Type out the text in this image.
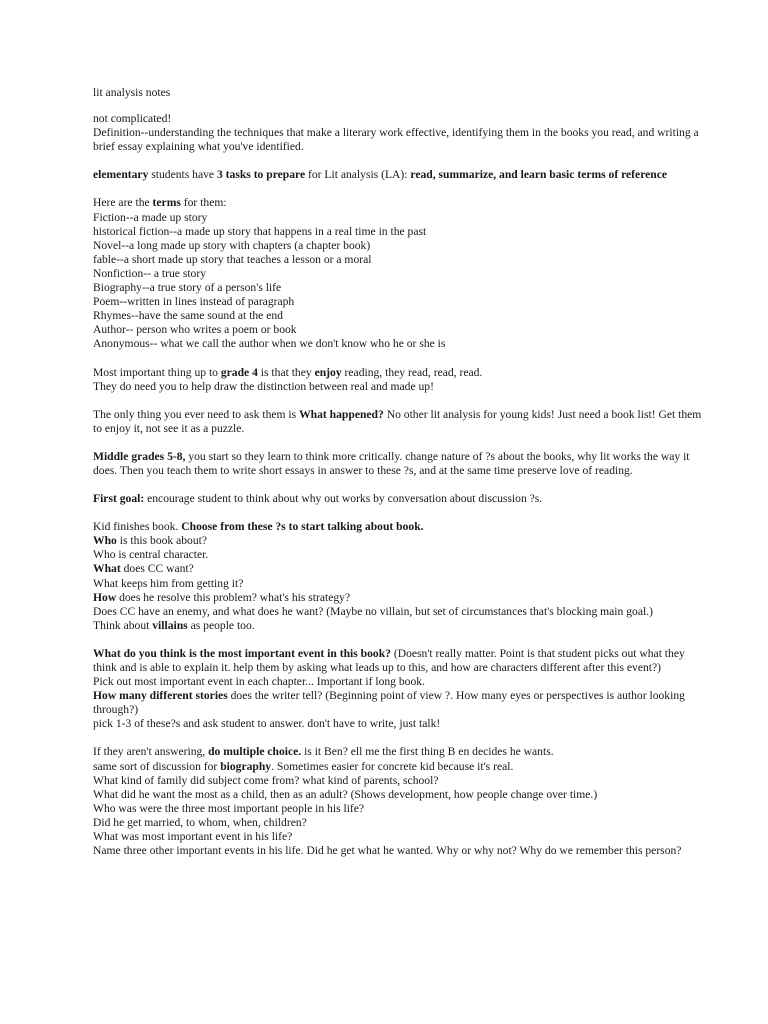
lit analysis notes

not complicated!

Definition--understanding the techniques that make a literary work effective, identifying them in the books you read, and writing a brief essay explaining what you've identified.

elementary students have 3 tasks to prepare for Lit analysis (LA): read, summarize, and learn basic terms of reference

Here are the terms for them:

Fiction--a made up story

historical fiction--a made up story that happens in a real time in the past

Novel--a long made up story with chapters (a chapter book)

fable--a short made up story that teaches a lesson or a moral

Nonfiction-- a true story

Biography--a true story of a person's life

Poem--written in lines instead of paragraph

Rhymes--have the same sound at the end

Author-- person who writes a poem or book

Anonymous-- what we call the author when we don't know who he or she is

Most important thing up to grade 4 is that they enjoy reading, they read, read, read.

They do need you to help draw the distinction between real and made up!

The only thing you ever need to ask them is What happened? No other lit analysis for young kids! Just need a book list! Get them to enjoy it, not see it as a puzzle.

Middle grades 5-8, you start so they learn to think more critically. change nature of ?s about the books, why lit works the way it does. Then you teach them to write short essays in answer to these ?s, and at the same time preserve love of reading.

First goal: encourage student to think about why out works by conversation about discussion ?s.

Kid finishes book. Choose from these ?s to start talking about book.

Who is this book about?

Who is central character.

What does CC want?

What keeps him from getting it?

How does he resolve this problem? what's his strategy?

Does CC have an enemy, and what does he want? (Maybe no villain, but set of circumstances that's blocking main goal.)

Think about villains as people too.

What do you think is the most important event in this book? (Doesn't really matter. Point is that student picks out what they think and is able to explain it. help them by asking what leads up to this, and how are characters different after this event?)

Pick out most important event in each chapter... Important if long book.

How many different stories does the writer tell? (Beginning point of view ?. How many eyes or perspectives is author looking through?)

pick 1-3 of these?s and ask student to answer. don't have to write, just talk!

If they aren't answering, do multiple choice. is it Ben? ell me the first thing B en decides he wants.

same sort of discussion for biography. Sometimes easier for concrete kid because it's real.

What kind of family did subject come from? what kind of parents, school?

What did he want the most as a child, then as an adult? (Shows development, how people change over time.)

Who was were the three most important people in his life?

Did he get married, to whom, when, children?

What was most important event in his life?

Name three other important events in his life. Did he get what he wanted. Why or why not? Why do we remember this person?
